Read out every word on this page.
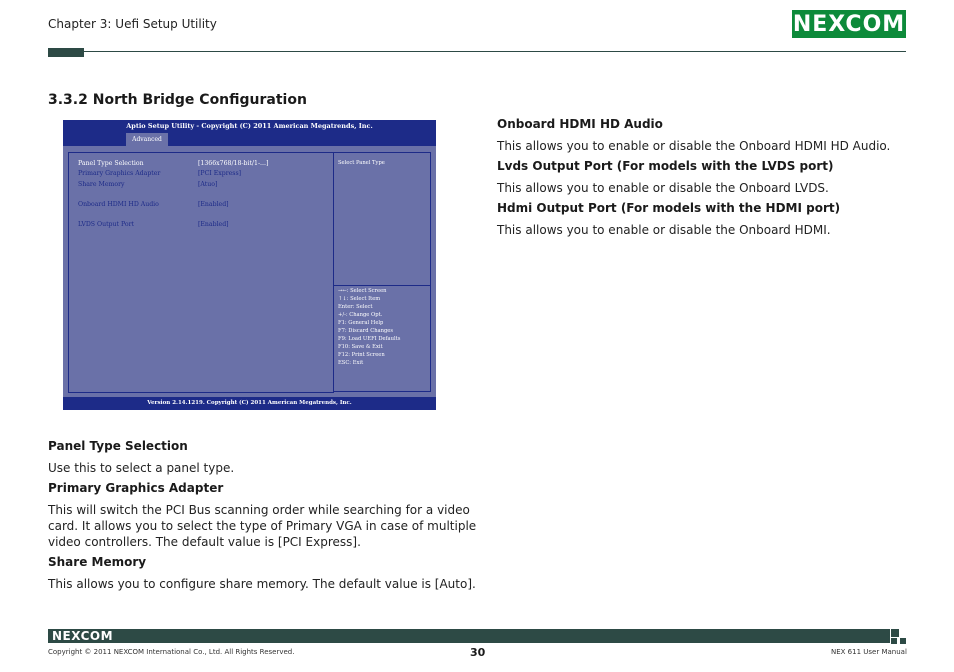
Chapter 3: Uefi Setup Utility	NEXCOM
3.3.2 North Bridge Configuration
Aptio Setup Utility - Copyright (C) 2011 American Megatrends, Inc.
Advanced
Panel Type Selection	[1366x768/18-bit/1-...]
Primary Graphics Adapter	[PCI Express]
Share Memory	[Atuo]
Onboard HDMI HD Audio	[Enabled]
LVDS Output Port	[Enabled]
Select Panel Type
→←: Select Screen
↑↓: Select Item
Enter: Select
+/-: Change Opt.
F1: General Help
F7: Discard Changes
F9: Load UEFI Defaults
F10: Save & Exit
F12: Print Screen
ESC: Exit
Version 2.14.1219. Copyright (C) 2011 American Megatrends, Inc.
Panel Type Selection
Use this to select a panel type.
Primary Graphics Adapter
This will switch the PCI Bus scanning order while searching for a video
card. It allows you to select the type of Primary VGA in case of multiple
video controllers. The default value is [PCI Express].
Share Memory
This allows you to configure share memory. The default value is [Auto].
Onboard HDMI HD Audio
This allows you to enable or disable the Onboard HDMI HD Audio.
Lvds Output Port (For models with the LVDS port)
This allows you to enable or disable the Onboard LVDS.
Hdmi Output Port (For models with the HDMI port)
This allows you to enable or disable the Onboard HDMI.
NEXCOM
Copyright © 2011 NEXCOM International Co., Ltd. All Rights Reserved.	30	NEX 611 User Manual
